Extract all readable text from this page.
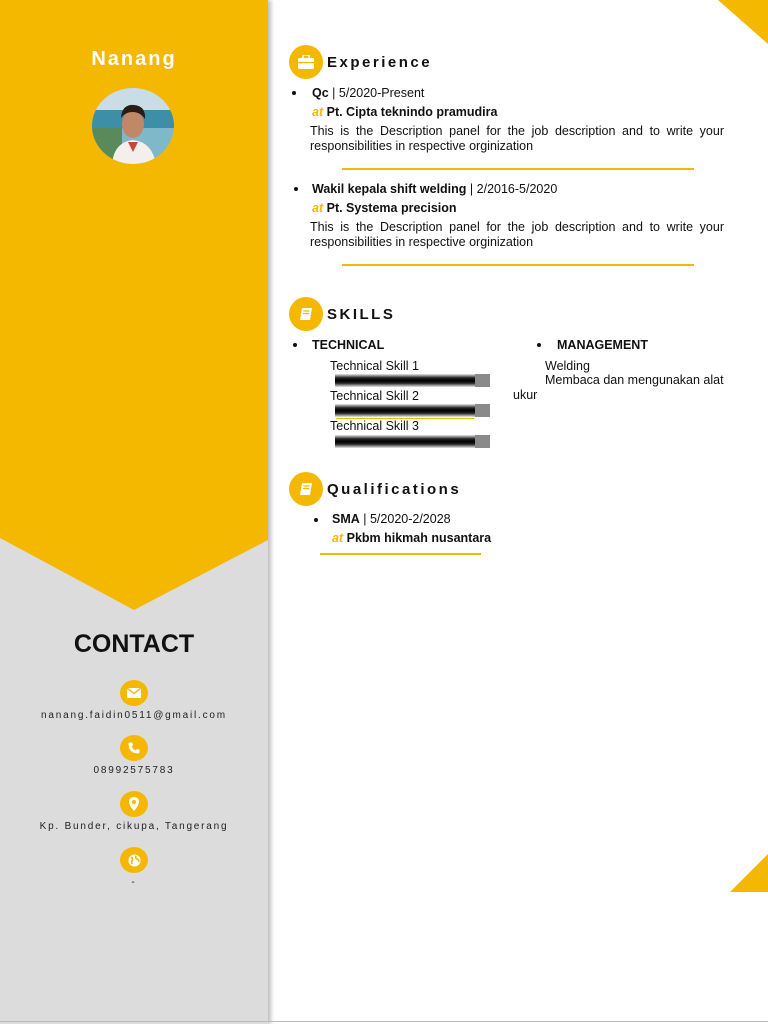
Nanang
CONTACT
nanang.faidin0511@gmail.com
08992575783
Kp. Bunder, cikupa, Tangerang
-
Experience
Qc | 5/2020-Present
at Pt. Cipta teknindo pramudira
This is the Description panel for the job description and to write your responsibilities in respective orginization
Wakil kepala shift welding | 2/2016-5/2020
at Pt. Systema precision
This is the Description panel for the job description and to write your responsibilities in respective orginization
SKILLS
TECHNICAL
Technical Skill 1
Technical Skill 2
Technical Skill 3
MANAGEMENT
Welding
Membaca dan mengunakan alat ukur
Qualifications
SMA | 5/2020-2/2028
at Pkbm hikmah nusantara
